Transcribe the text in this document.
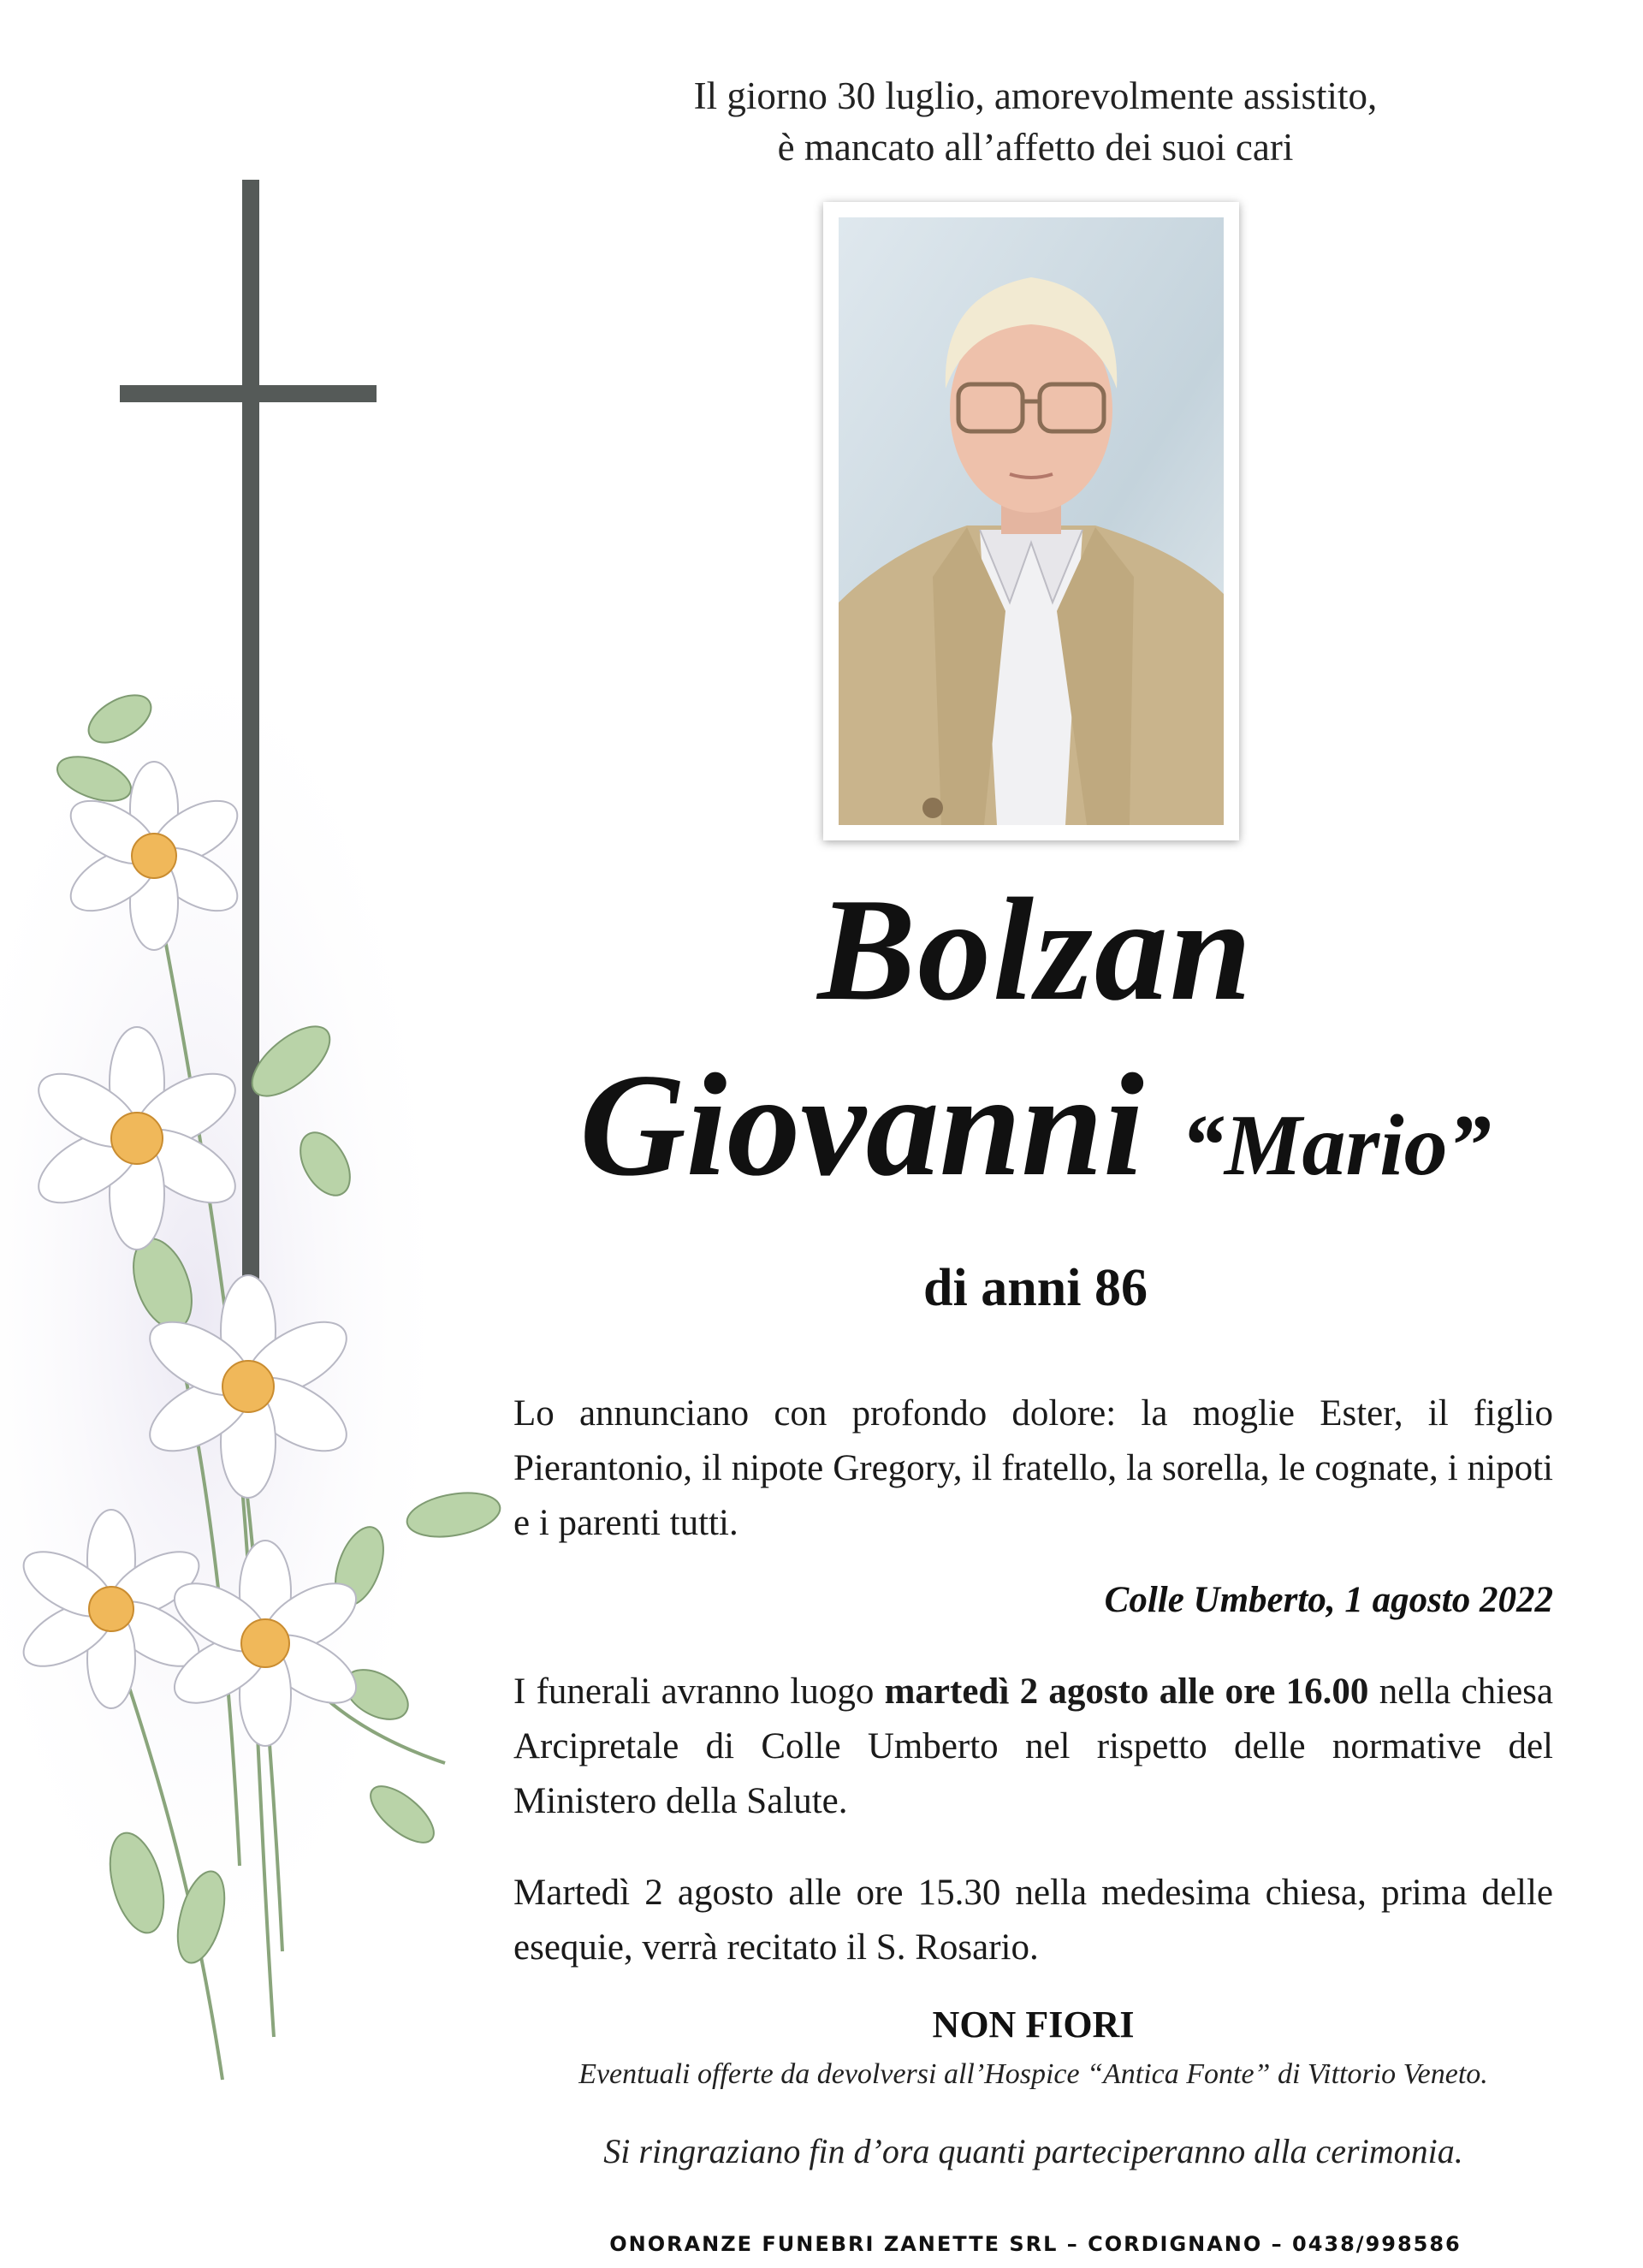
Il giorno 30 luglio, amorevolmente assistito,
è mancato all’affetto dei suoi cari
Bolzan
Giovanni “Mario”
di anni 86
Lo annunciano con profondo dolore: la moglie Ester, il figlio Pierantonio, il nipote Gregory, il fratello, la sorella, le cognate, i nipoti e i parenti tutti.
Colle Umberto, 1 agosto 2022
I funerali avranno luogo martedì 2 agosto alle ore 16.00 nella chiesa Arcipretale di Colle Umberto nel rispetto delle normative del Ministero della Salute.
Martedì 2 agosto alle ore 15.30 nella medesima chiesa, prima delle esequie, verrà recitato il S. Rosario.
NON FIORI
Eventuali offerte da devolversi all’Hospice “Antica Fonte” di Vittorio Veneto.
Si ringraziano fin d’ora quanti parteciperanno alla cerimonia.
ONORANZE FUNEBRI ZANETTE SRL – CORDIGNANO – 0438/998586
